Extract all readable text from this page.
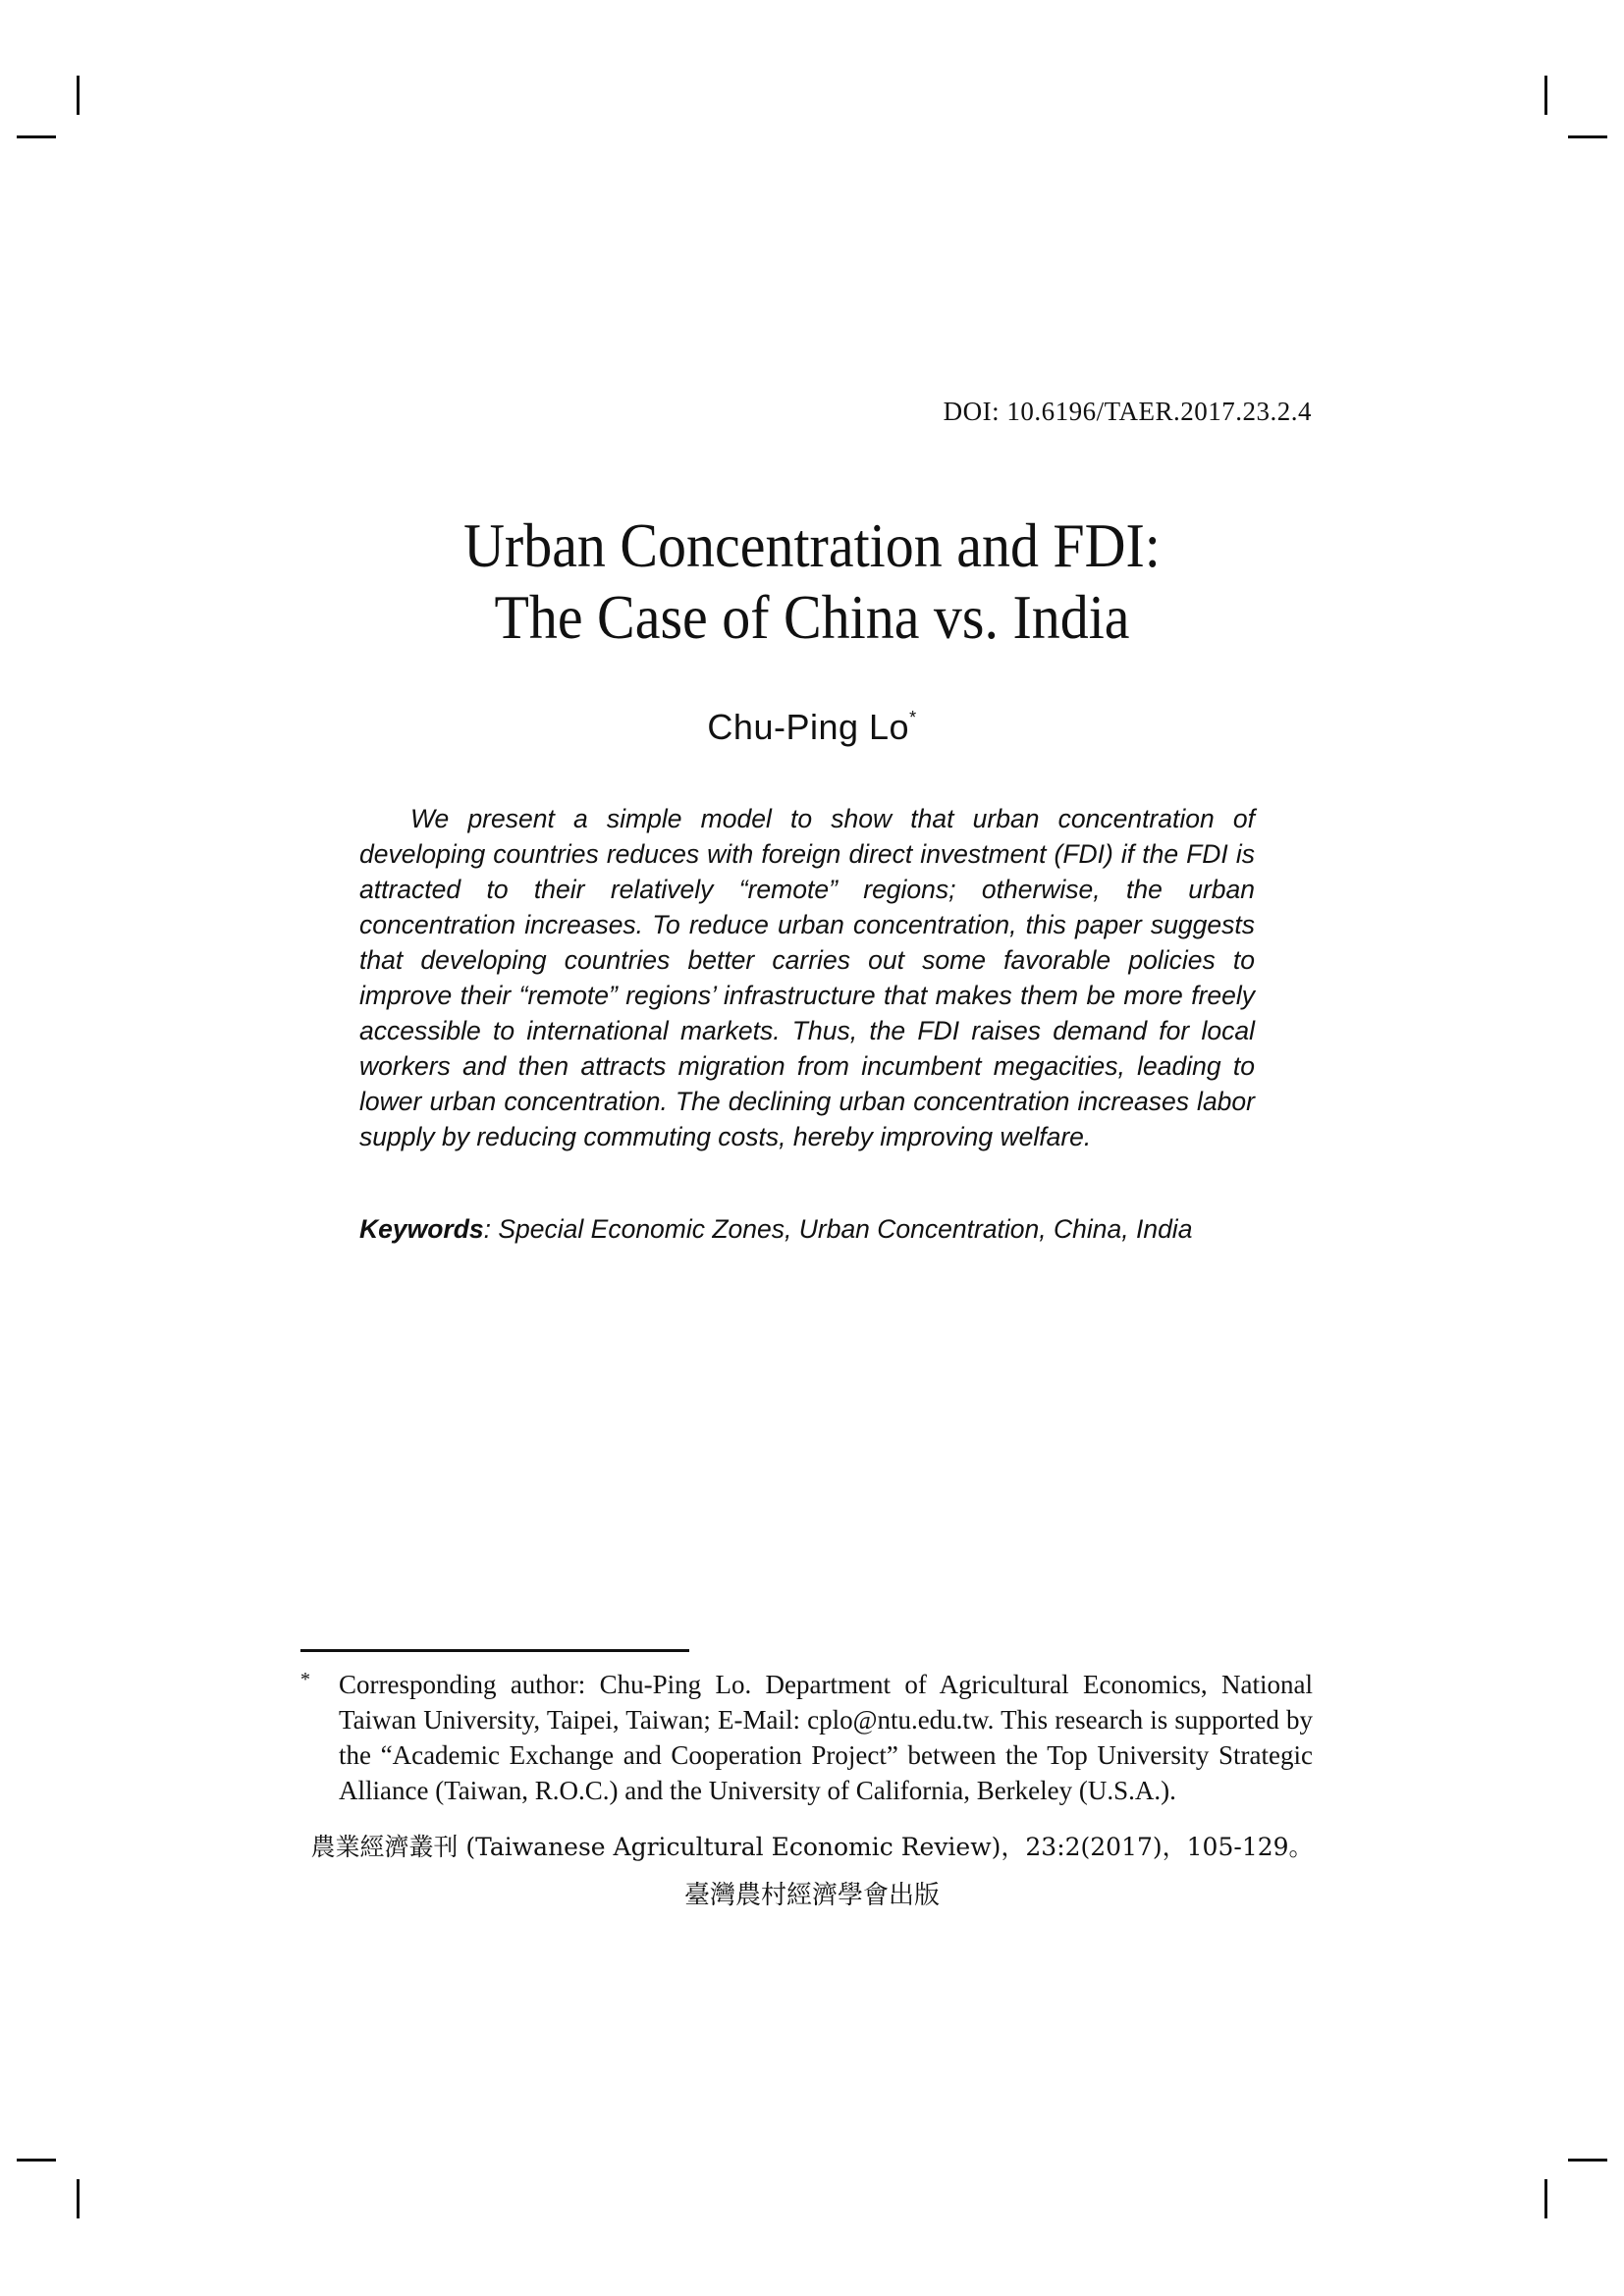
DOI: 10.6196/TAER.2017.23.2.4
Urban Concentration and FDI:
The Case of China vs. India
Chu-Ping Lo*

We present a simple model to show that urban concentration of developing countries reduces with foreign direct investment (FDI) if the FDI is attracted to their relatively “remote” regions; otherwise, the urban concentration increases. To reduce urban concentration, this paper suggests that developing countries better carries out some favorable policies to improve their “remote” regions’ infrastructure that makes them be more freely accessible to international markets. Thus, the FDI raises demand for local workers and then attracts migration from incumbent megacities, leading to lower urban concentration. The declining urban concentration increases labor supply by reducing commuting costs, hereby improving welfare.

Keywords: Special Economic Zones, Urban Concentration, China, India
* Corresponding author: Chu-Ping Lo. Department of Agricultural Economics, National Taiwan University, Taipei, Taiwan; E-Mail: cplo@ntu.edu.tw. This research is supported by the “Academic Exchange and Cooperation Project” between the Top University Strategic Alliance (Taiwan, R.O.C.) and the University of California, Berkeley (U.S.A.).

農業經濟叢刊 (Taiwanese Agricultural Economic Review)，23:2(2017)，105-129。
臺灣農村經濟學會出版
